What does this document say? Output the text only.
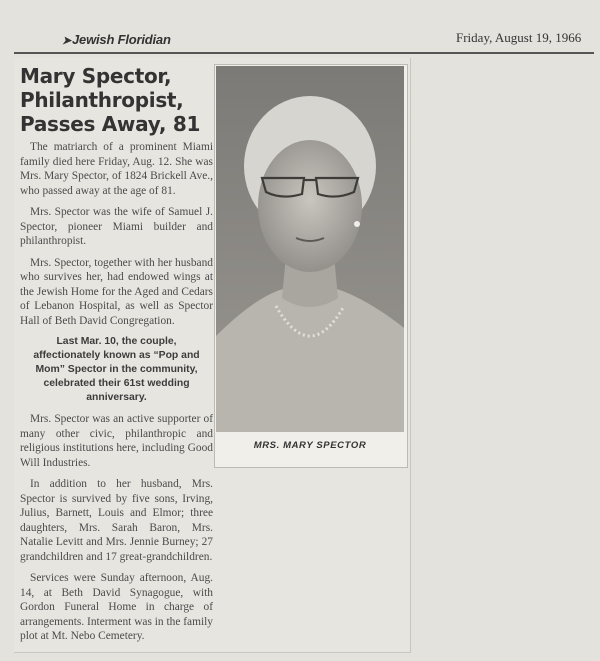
➤Jewish Floridian	Friday, August 19, 1966
Mary Spector,
Philanthropist,
Passes Away, 81

The matriarch of a prominent Miami family died here Friday, Aug. 12. She was Mrs. Mary Spector, of 1824 Brickell Ave., who passed away at the age of 81.

Mrs. Spector was the wife of Samuel J. Spector, pioneer Miami builder and philanthropist.

Mrs. Spector, together with her husband who survives her, had endowed wings at the Jewish Home for the Aged and Cedars of Lebanon Hospital, as well as Spector Hall of Beth David Congregation.

Last Mar. 10, the couple, affectionately known as “Pop and Mom” Spector in the community, celebrated their 61st wedding anniversary.

Mrs. Spector was an active supporter of many other civic, philanthropic and religious institutions here, including Good Will Industries.

In addition to her husband, Mrs. Spector is survived by five sons, Irving, Julius, Barnett, Louis and Elmor; three daughters, Mrs. Sarah Baron, Mrs. Natalie Levitt and Mrs. Jennie Burney; 27 grandchildren and 17 great-grandchildren.

Services were Sunday afternoon, Aug. 14, at Beth David Synagogue, with Gordon Funeral Home in charge of arrangements. Interment was in the family plot at Mt. Nebo Cemetery.

MRS. MARY SPECTOR
